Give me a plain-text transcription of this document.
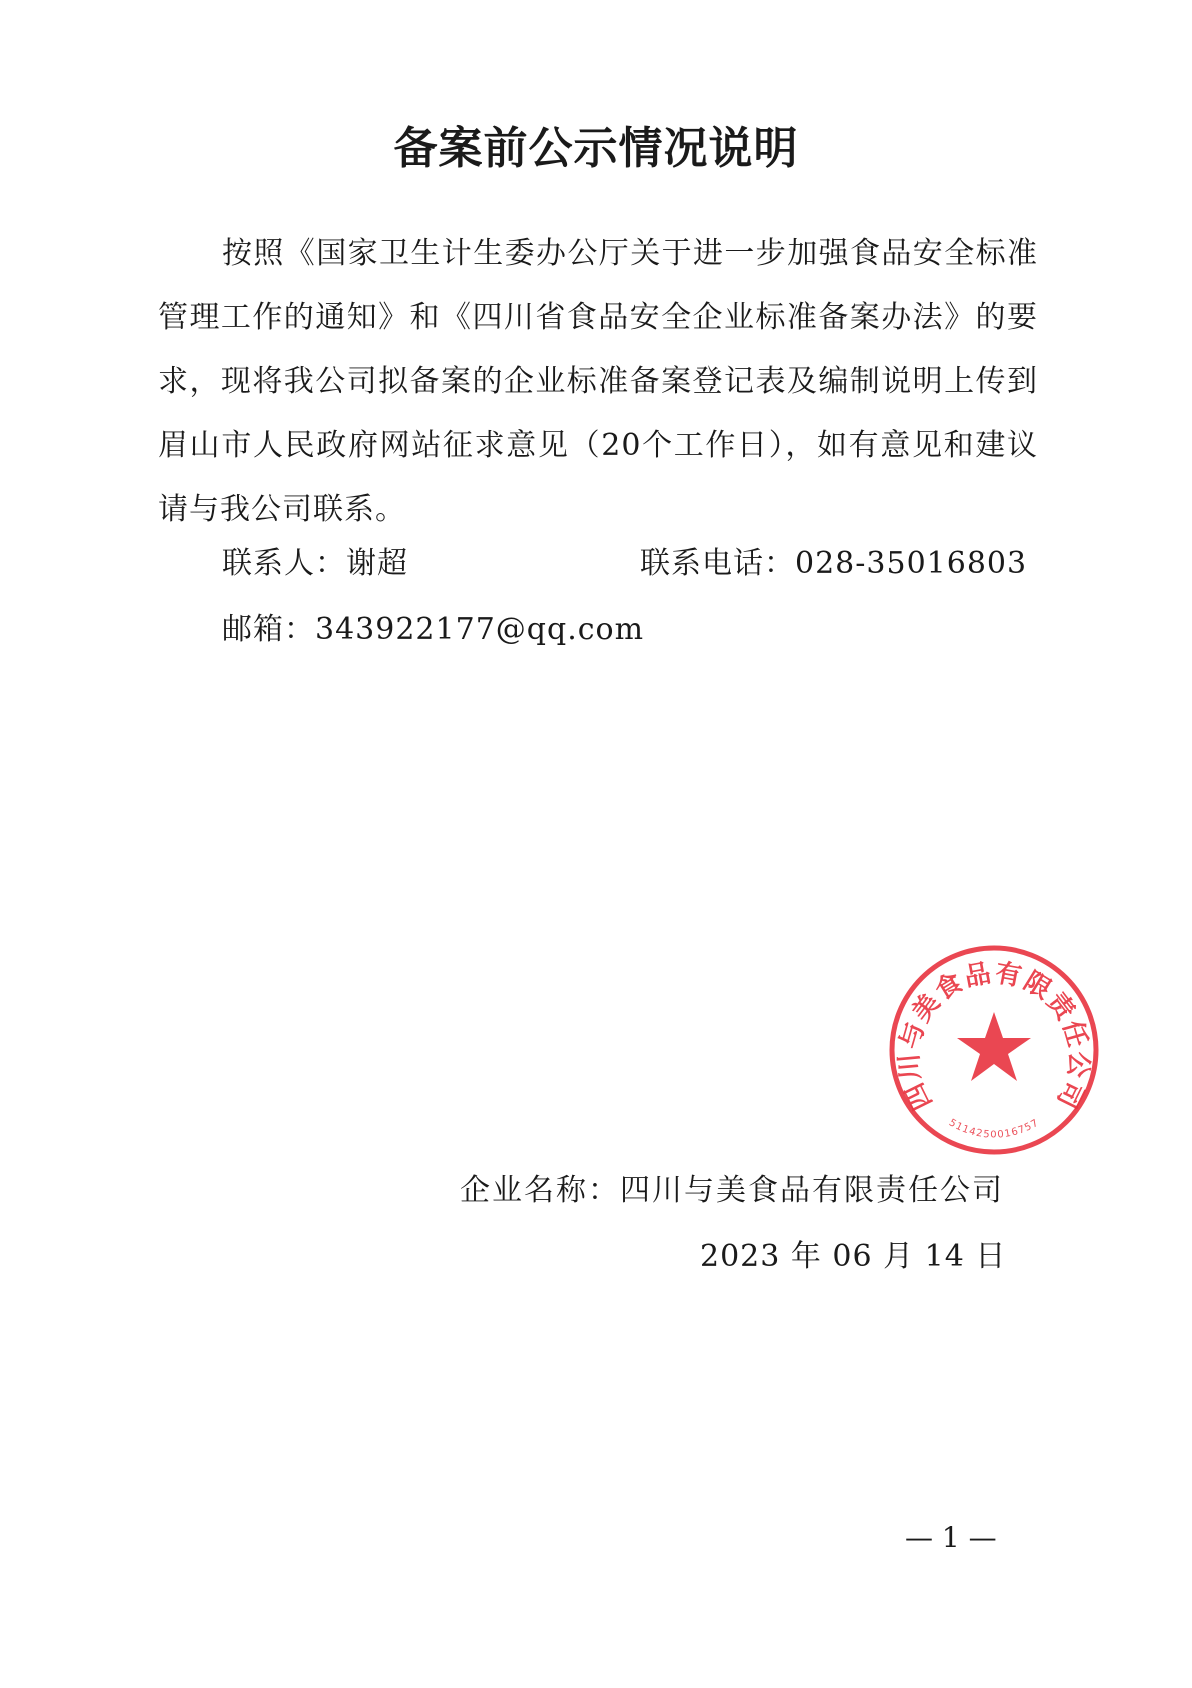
备案前公示情况说明

按照《国家卫生计生委办公厅关于进一步加强食品安全标准管理工作的通知》和《四川省食品安全企业标准备案办法》的要求，现将我公司拟备案的企业标准备案登记表及编制说明上传到眉山市人民政府网站征求意见（20个工作日），如有意见和建议请与我公司联系。

联系人：谢超	联系电话：028-35016803
邮箱：343922177@qq.com
四川与美食品有限责任公司
5114250016757
企业名称：四川与美食品有限责任公司
2023 年 06 月 14 日
— 1 —
